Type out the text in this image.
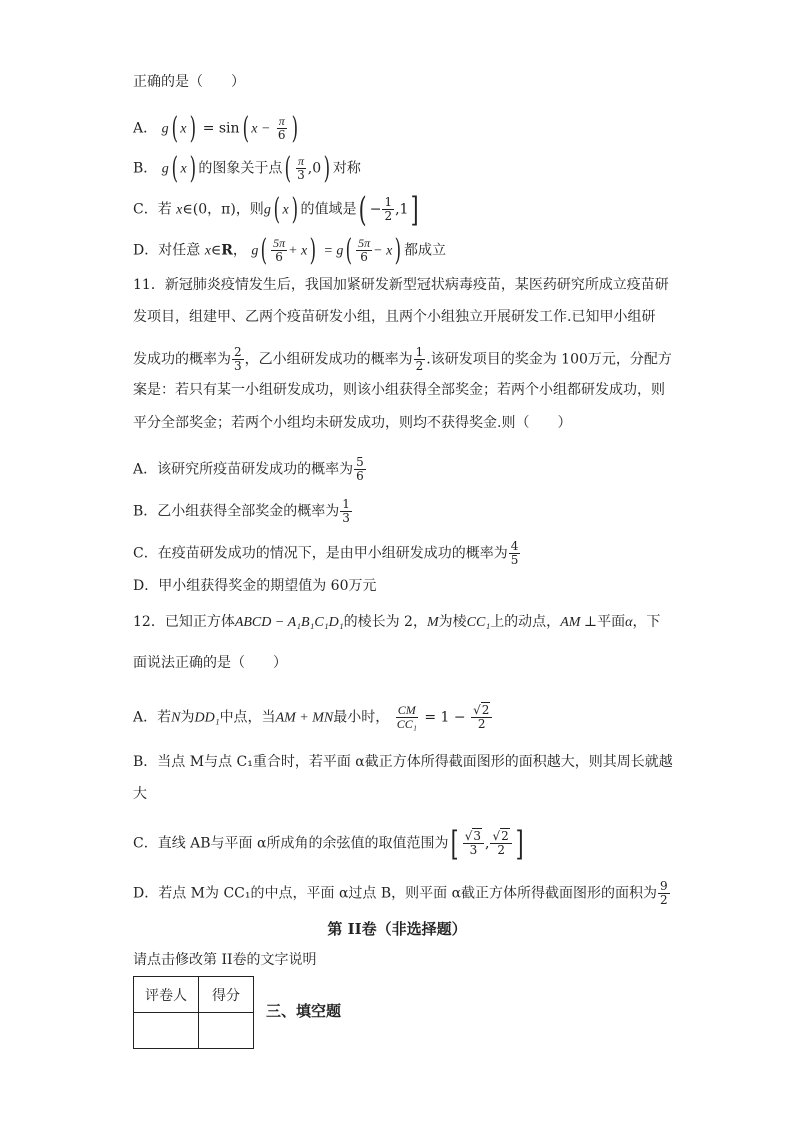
正确的是（　　）
A． g( x) = sin( $x - \frac{\pi}{6}$ )
B． g( x) 的图象关于点( $\frac{\pi}{3} ,0$) 对称
C．若 x∈(0，π)，则g( x) 的值域是( − $\frac{1}{2} ,1$]
D．对任意 x∈R， $g( \frac{5\pi}{6} + x) = g( \frac{5\pi}{6} - x)$ 都成立
11．新冠肺炎疫情发生后，我国加紧研发新型冠状病毒疫苗，某医药研究所成立疫苗研
发项目，组建甲、乙两个疫苗研发小组，且两个小组独立开展研发工作.已知甲小组研
发成功的概率为 $\frac{2}{3}$ ，乙小组研发成功的概率为 $\frac{1}{2}$ .该研发项目的奖金为 100万元，分配方
案是：若只有某一小组研发成功，则该小组获得全部奖金；若两个小组都研发成功，则
平分全部奖金；若两个小组均未研发成功，则均不获得奖金.则（　　）
A．该研究所疫苗研发成功的概率为 $\frac{5}{6}$
B．乙小组获得全部奖金的概率为 $\frac{1}{3}$
C．在疫苗研发成功的情况下，是由甲小组研发成功的概率为 $\frac{4}{5}$
D．甲小组获得奖金的期望值为 60万元
12．已知正方体ABCD − A₁B₁C₁D₁的棱长为 2，M为棱CC₁上的动点，AM ⊥平面α，下
面说法正确的是（　　）
A．若N为DD₁中点，当AM + MN最小时， $\frac{CM}{\text{CC₁}} = 1 - \frac{√2}{2}$
B．当点 M与点 C₁重合时，若平面 α截正方体所得截面图形的面积越大，则其周长就越
大
C．直线 AB与平面 α所成角的余弦值的取值范围为[ $\frac{√3}{3}$ , $\frac{√2}{2}$ ]
D．若点 M为 CC₁的中点，平面 α过点 B，则平面 α截正方体所得截面图形的面积为 $\frac{9}{2}$
第 II卷（非选择题）
请点击修改第 II卷的文字说明
评卷人	得分

三、填空题
